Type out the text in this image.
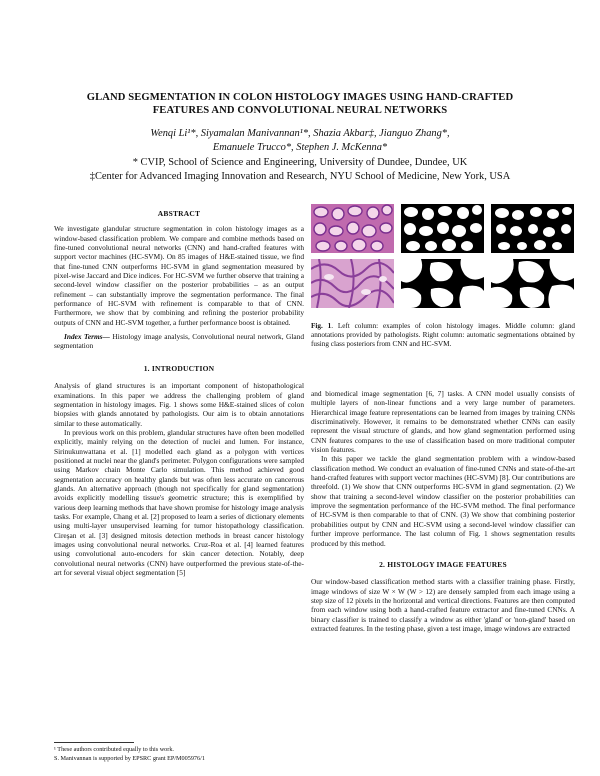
GLAND SEGMENTATION IN COLON HISTOLOGY IMAGES USING HAND-CRAFTED FEATURES AND CONVOLUTIONAL NEURAL NETWORKS
Wenqi Li¹*, Siyamalan Manivannan¹*, Shazia Akbar‡, Jianguo Zhang*,
Emanuele Trucco*, Stephen J. McKenna*
* CVIP, School of Science and Engineering, University of Dundee, Dundee, UK
‡Center for Advanced Imaging Innovation and Research, NYU School of Medicine, New York, USA

ABSTRACT

We investigate glandular structure segmentation in colon histology images as a window-based classification problem. We compare and combine methods based on fine-tuned convolutional neural networks (CNN) and hand-crafted features with support vector machines (HC-SVM). On 85 images of H&E-stained tissue, we find that fine-tuned CNN outperforms HC-SVM in gland segmentation measured by pixel-wise Jaccard and Dice indices. For HC-SVM we further observe that training a second-level window classifier on the posterior probabilities – as an output refinement – can substantially improve the segmentation performance. The final performance of HC-SVM with refinement is comparable to that of CNN. Furthermore, we show that by combining and refining the posterior probability outputs of CNN and HC-SVM together, a further performance boost is obtained.

Index Terms— Histology image analysis, Convolutional neural network, Gland segmentation

1. INTRODUCTION

Analysis of gland structures is an important component of histopathological examinations. In this paper we address the challenging problem of gland segmentation in histology images. Fig. 1 shows some H&E-stained slices of colon biopsies with glands annotated by pathologists. Our aim is to obtain annotations similar to these automatically.

In previous work on this problem, glandular structures have often been modelled explicitly, mainly relying on the detection of nuclei and lumen. For instance, Sirinukunwattana et al. [1] modelled each gland as a polygon with vertices positioned at nuclei near the gland's perimeter. Polygon configurations were sampled using Markov chain Monte Carlo simulation. This method achieved good segmentation accuracy on healthy glands but was often less accurate on cancerous glands. An alternative approach (though not specifically for gland segmentation) avoids explicitly modelling tissue's geometric structure; this is exemplified by various deep learning methods that have shown promise for histology image analysis tasks. For example, Chang et al. [2] proposed to learn a series of dictionary elements using multi-layer unsupervised learning for tumor histopathology classification. Cireşan et al. [3] designed mitosis detection methods in breast cancer histology images using convolutional neural networks. Cruz-Roa et al. [4] learned features using convolutional auto-encoders for skin cancer detection. Notably, deep convolutional neural networks (CNN) have outperformed the previous state-of-the-art for several visual object segmentation [5]

¹ These authors contributed equally to this work.
S. Manivannan is supported by EPSRC grant EP/M005976/1
Fig. 1. Left column: examples of colon histology images. Middle column: gland annotations provided by pathologists. Right column: automatic segmentations obtained by fusing class posteriors from CNN and HC-SVM.

and biomedical image segmentation [6, 7] tasks. A CNN model usually consists of multiple layers of non-linear functions and a very large number of parameters. Hierarchical image feature representations can be learned from images by training CNNs discriminatively. However, it remains to be demonstrated whether CNNs can easily represent the visual structure of glands, and how gland segmentation performed using CNN features compares to the use of classification based on more traditional computer vision features.

In this paper we tackle the gland segmentation problem with a window-based classification method. We conduct an evaluation of fine-tuned CNNs and state-of-the-art hand-crafted features with support vector machines (HC-SVM) [8]. Our contributions are threefold. (1) We show that CNN outperforms HC-SVM in gland segmentation. (2) We show that training a second-level window classifier on the posterior probabilities can improve the segmentation performance of the HC-SVM method. The final performance of HC-SVM is then comparable to that of CNN. (3) We show that combining posterior probabilities output by CNN and HC-SVM using a second-level window classifier can further improve performance. The last column of Fig. 1 shows segmentation results produced by this method.

2. HISTOLOGY IMAGE FEATURES

Our window-based classification method starts with a classifier training phase. Firstly, image windows of size W × W (W > 12) are densely sampled from each image using a step size of 12 pixels in the horizontal and vertical directions. Features are then computed from each window using both a hand-crafted feature extractor and fine-tuned CNNs. A binary classifier is trained to classify a window as either 'gland' or 'non-gland' based on extracted features. In the testing phase, given a test image, image windows are extracted
